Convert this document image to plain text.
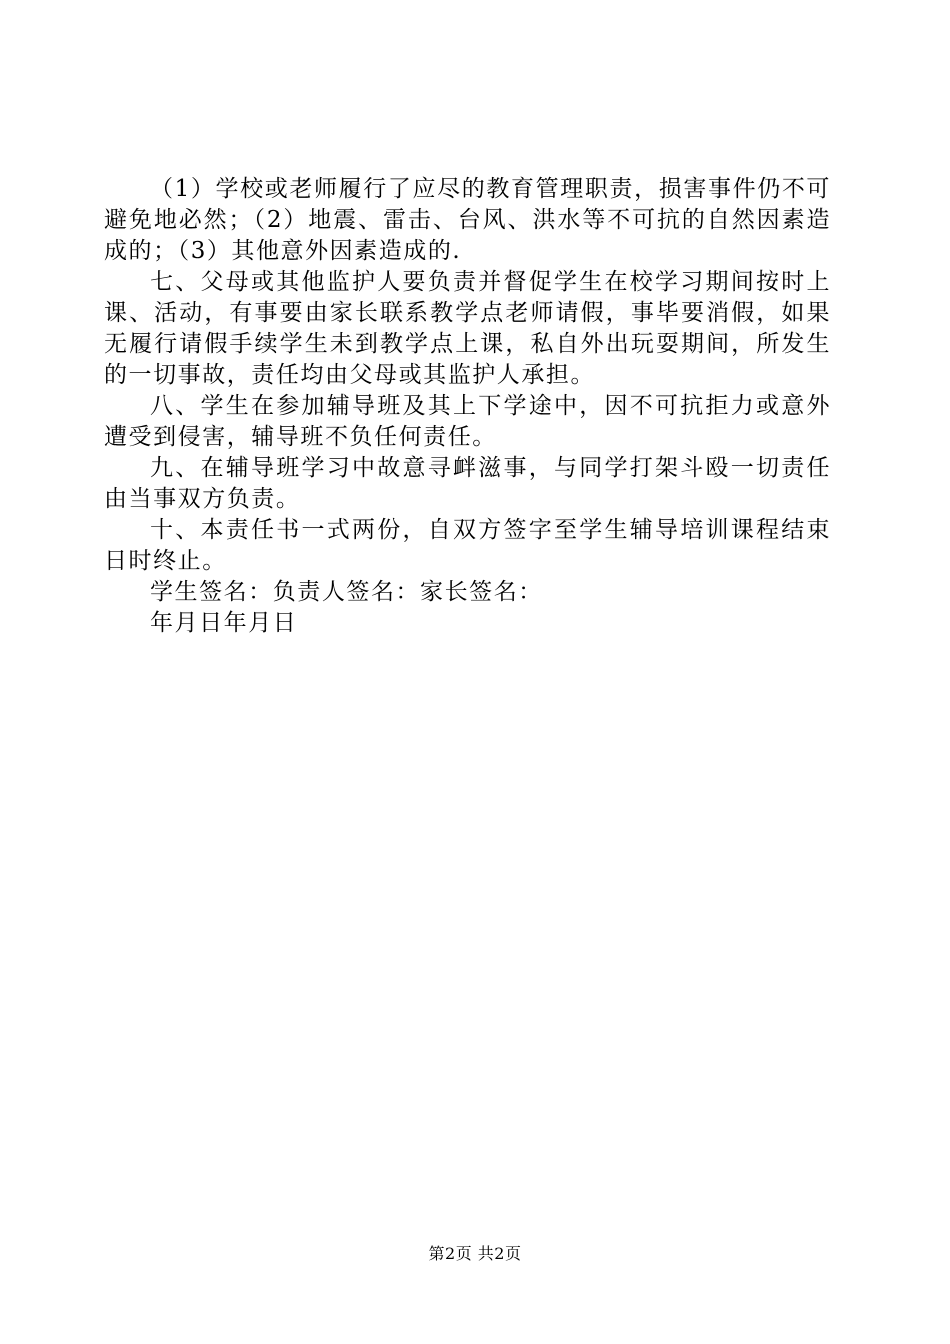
（1）学校或老师履行了应尽的教育管理职责，损害事件仍不可避免地必然；（2）地震、雷击、台风、洪水等不可抗的自然因素造成的；（3）其他意外因素造成的.

七、父母或其他监护人要负责并督促学生在校学习期间按时上课、活动，有事要由家长联系教学点老师请假，事毕要消假，如果无履行请假手续学生未到教学点上课，私自外出玩耍期间，所发生的一切事故，责任均由父母或其监护人承担。

八、学生在参加辅导班及其上下学途中，因不可抗拒力或意外遭受到侵害，辅导班不负任何责任。

九、在辅导班学习中故意寻衅滋事，与同学打架斗殴一切责任由当事双方负责。

十、本责任书一式两份，自双方签字至学生辅导培训课程结束日时终止。

学生签名：负责人签名：家长签名：

年月日年月日

第2页 共2页
